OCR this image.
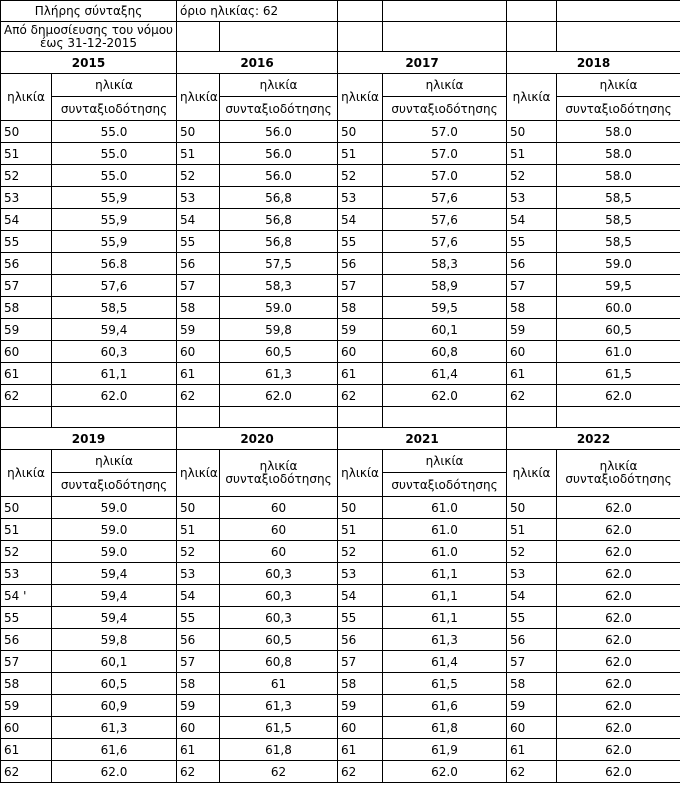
Πλήρης σύνταξης		όριο ηλικίας: 62					
Από δημοσίευσης του νόμου έως 31-12-2015							
2015		2016		2017		2018	
ηλικία	ηλικία	ηλικία	ηλικία	ηλικία	ηλικία	ηλικία	ηλικία
	συνταξιοδότησης		συνταξιοδότησης		συνταξιοδότησης		συνταξιοδότησης
50	55.0	50	56.0	50	57.0	50	58.0
51	55.0	51	56.0	51	57.0	51	58.0
52	55.0	52	56.0	52	57.0	52	58.0
53	55,9	53	56,8	53	57,6	53	58,5
54	55,9	54	56,8	54	57,6	54	58,5
55	55,9	55	56,8	55	57,6	55	58,5
56	56.8	56	57,5	56	58,3	56	59.0
57	57,6	57	58,3	57	58,9	57	59,5
58	58,5	58	59.0	58	59,5	58	60.0
59	59,4	59	59,8	59	60,1	59	60,5
60	60,3	60	60,5	60	60,8	60	61.0
61	61,1	61	61,3	61	61,4	61	61,5
62	62.0	62	62.0	62	62.0	62	62.0

2019		2020		2021		2022	
ηλικία	ηλικία	ηλικία	ηλικία συνταξιοδότησης	ηλικία	ηλικία	ηλικία	ηλικία συνταξιοδότησης
	συνταξιοδότησης				συνταξιοδότησης		
50	59.0	50	60	50	61.0	50	62.0
51	59.0	51	60	51	61.0	51	62.0
52	59.0	52	60	52	61.0	52	62.0
53	59,4	53	60,3	53	61,1	53	62.0
54 '	59,4	54	60,3	54	61,1	54	62.0
55	59,4	55	60,3	55	61,1	55	62.0
56	59,8	56	60,5	56	61,3	56	62.0
57	60,1	57	60,8	57	61,4	57	62.0
58	60,5	58	61	58	61,5	58	62.0
59	60,9	59	61,3	59	61,6	59	62.0
60	61,3	60	61,5	60	61,8	60	62.0
61	61,6	61	61,8	61	61,9	61	62.0
62	62.0	62	62	62	62.0	62	62.0
